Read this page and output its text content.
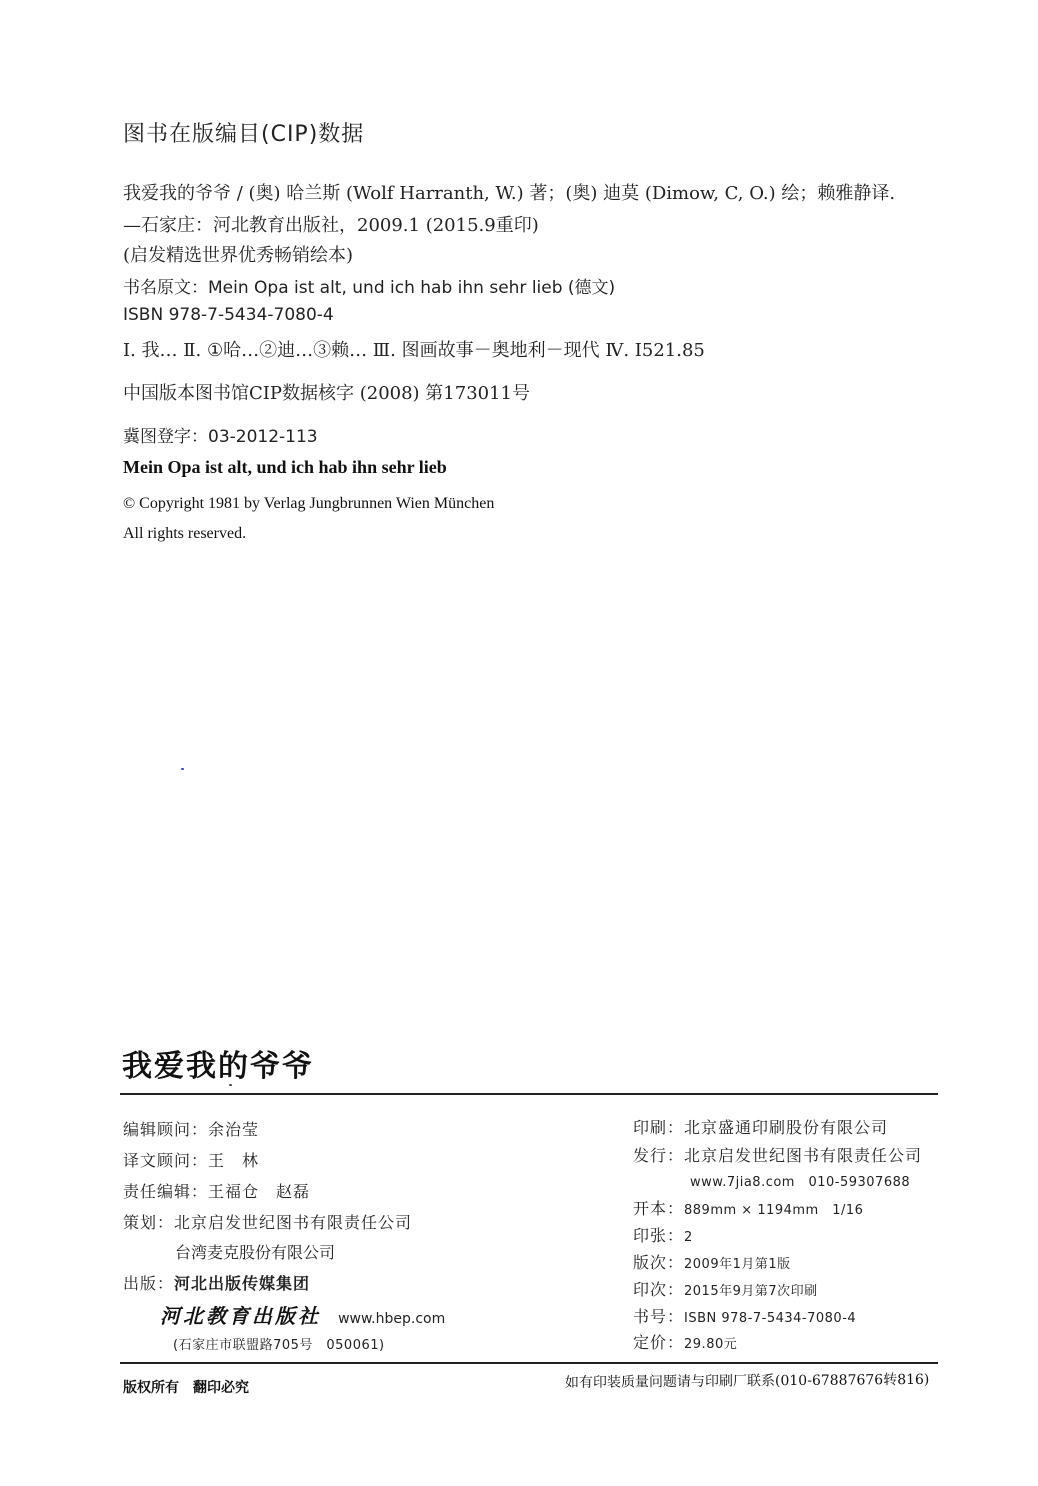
图书在版编目(CIP)数据
我爱我的爷爷 / (奥) 哈兰斯 (Wolf Harranth, W.) 著；(奥) 迪莫 (Dimow, C, O.) 绘；赖雅静译.
—石家庄：河北教育出版社，2009.1 (2015.9重印)
(启发精选世界优秀畅销绘本)
书名原文：Mein Opa ist alt, und ich hab ihn sehr lieb (德文)
ISBN 978-7-5434-7080-4
Ⅰ. 我… Ⅱ. ①哈…②迪…③赖… Ⅲ. 图画故事－奥地利－现代 Ⅳ. I521.85
中国版本图书馆CIP数据核字 (2008) 第173011号
冀图登字：03-2012-113
Mein Opa ist alt, und ich hab ihn sehr lieb
© Copyright 1981 by Verlag Jungbrunnen Wien München
All rights reserved.
我爱我的爷爷
编辑顾问：余治莹
译文顾问：王　林
责任编辑：王福仓　赵磊
策划：北京启发世纪图书有限责任公司
台湾麦克股份有限公司
出版：河北出版传媒集团
河北教育出版社 www.hbep.com
(石家庄市联盟路705号　050061)
印刷：北京盛通印刷股份有限公司
发行：北京启发世纪图书有限责任公司
www.7jia8.com　010-59307688
开本：889mm × 1194mm　1/16
印张：2
版次：2009年1月第1版
印次：2015年9月第7次印刷
书号：ISBN 978-7-5434-7080-4
定价：29.80元
版权所有　翻印必究	如有印装质量问题请与印刷厂联系(010-67887676转816)
